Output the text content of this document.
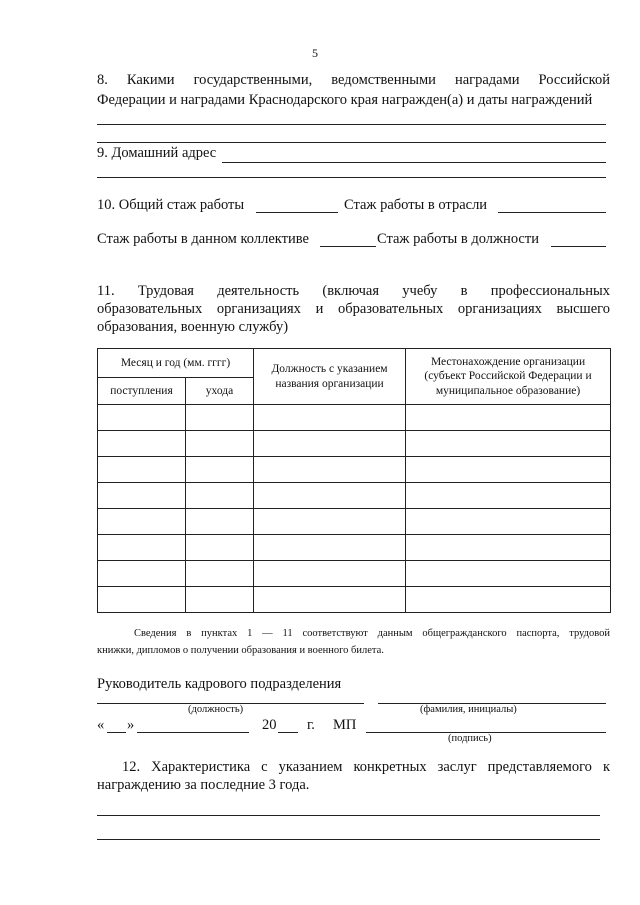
5
8. Какими государственными, ведомственными наградами Российской
Федерации и наградами Краснодарского края награжден(а) и даты награждений
9. Домашний адрес
10. Общий стаж работы	Стаж работы в отрасли
Стаж работы в данном коллективе	Стаж работы в должности
11. Трудовая деятельность (включая учебу в профессиональных
образовательных организациях и образовательных организациях высшего
образования, военную службу)
Месяц и год (мм. гггг)		Должность с указанием названия организации	Местонахождение организации (субъект Российской Федерации и муниципальное образование)
поступления	ухода		

Сведения в пунктах 1 — 11 соответствуют данным общегражданского паспорта, трудовой
книжки, дипломов о получении образования и военного билета.
Руководитель кадрового подразделения
(должность)	(фамилия, инициалы)
« »	20 г. МП
(подпись)
12. Характеристика с указанием конкретных заслуг представляемого к
награждению за последние 3 года.
